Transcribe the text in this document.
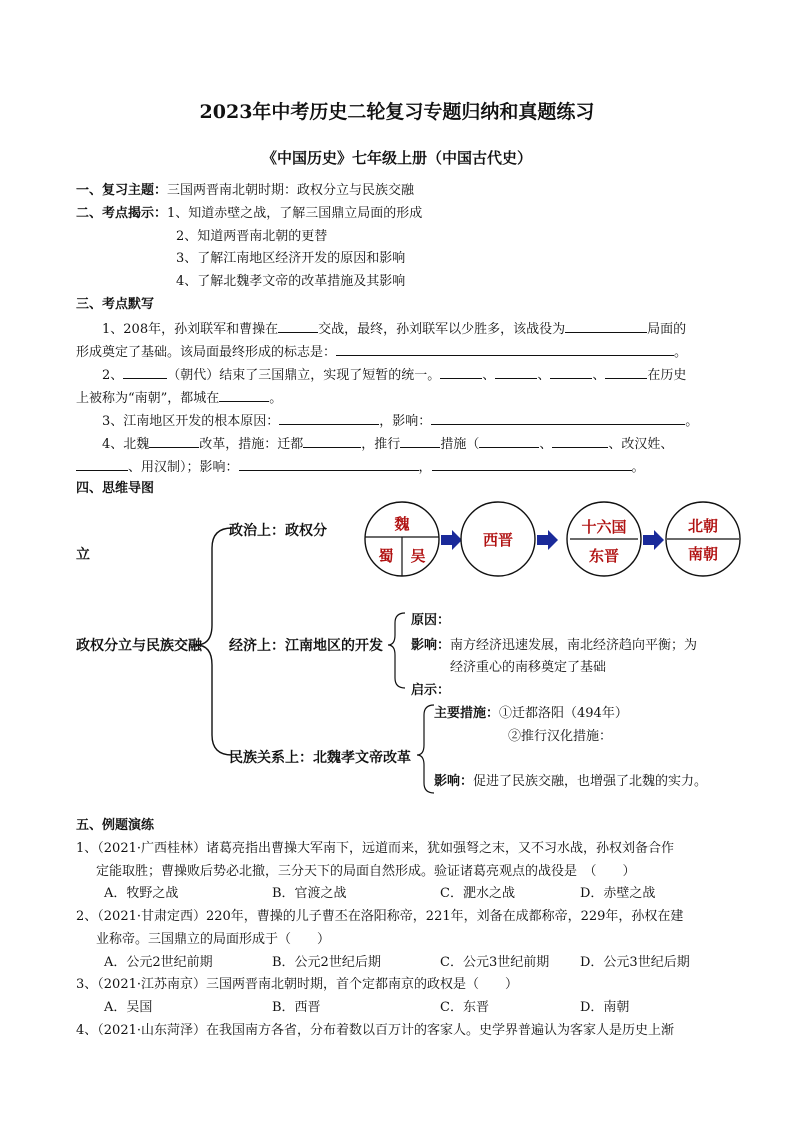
2023年中考历史二轮复习专题归纳和真题练习
《中国历史》七年级上册（中国古代史）
一、复习主题：三国两晋南北朝时期：政权分立与民族交融
二、考点揭示：1、知道赤壁之战，了解三国鼎立局面的形成
2、知道两晋南北朝的更替
3、了解江南地区经济开发的原因和影响
4、了解北魏孝文帝的改革措施及其影响
三、考点默写
1、208年，孙刘联军和曹操在	交战，最终，孙刘联军以少胜多，该战役为	局面的
形成奠定了基础。该局面最终形成的标志是：	。
2、	（朝代）结束了三国鼎立，实现了短暂的统一。	、	、	、	在历史
上被称为“南朝”，都城在	。
3、江南地区开发的根本原因：	，影响：	。
4、北魏	改革，措施：迁都	，推行	措施（	、	、改汉姓、
、用汉制）；影响：	，	。
四、思维导图
魏
蜀 吴
西晋
十六国
东晋
北朝
南朝
政治上：政权分
立
政权分立与民族交融 经济上：江南地区的开发
原因：
影响：南方经济迅速发展，南北经济趋向平衡；为
经济重心的南移奠定了基础
启示：
民族关系上：北魏孝文帝改革
主要措施：①迁都洛阳（494年）
②推行汉化措施：
影响：促进了民族交融，也增强了北魏的实力。
五、例题演练
1、（2021·广西桂林）诸葛亮指出曹操大军南下，远道而来，犹如强弩之末，又不习水战，孙权刘备合作
定能取胜；曹操败后势必北撤，三分天下的局面自然形成。验证诸葛亮观点的战役是　（　　）
A．牧野之战	B．官渡之战	C．淝水之战	D．赤壁之战
2、（2021·甘肃定西）220年，曹操的儿子曹丕在洛阳称帝，221年，刘备在成都称帝，229年，孙权在建
业称帝。三国鼎立的局面形成于（　　）
A．公元2世纪前期	B．公元2世纪后期	C．公元3世纪前期 D．公元3世纪后期
3、（2021·江苏南京）三国两晋南北朝时期，首个定都南京的政权是（　　）
A．吴国	B．西晋	C．东晋	D．南朝
4、（2021·山东菏泽）在我国南方各省，分布着数以百万计的客家人。史学界普遍认为客家人是历史上渐
